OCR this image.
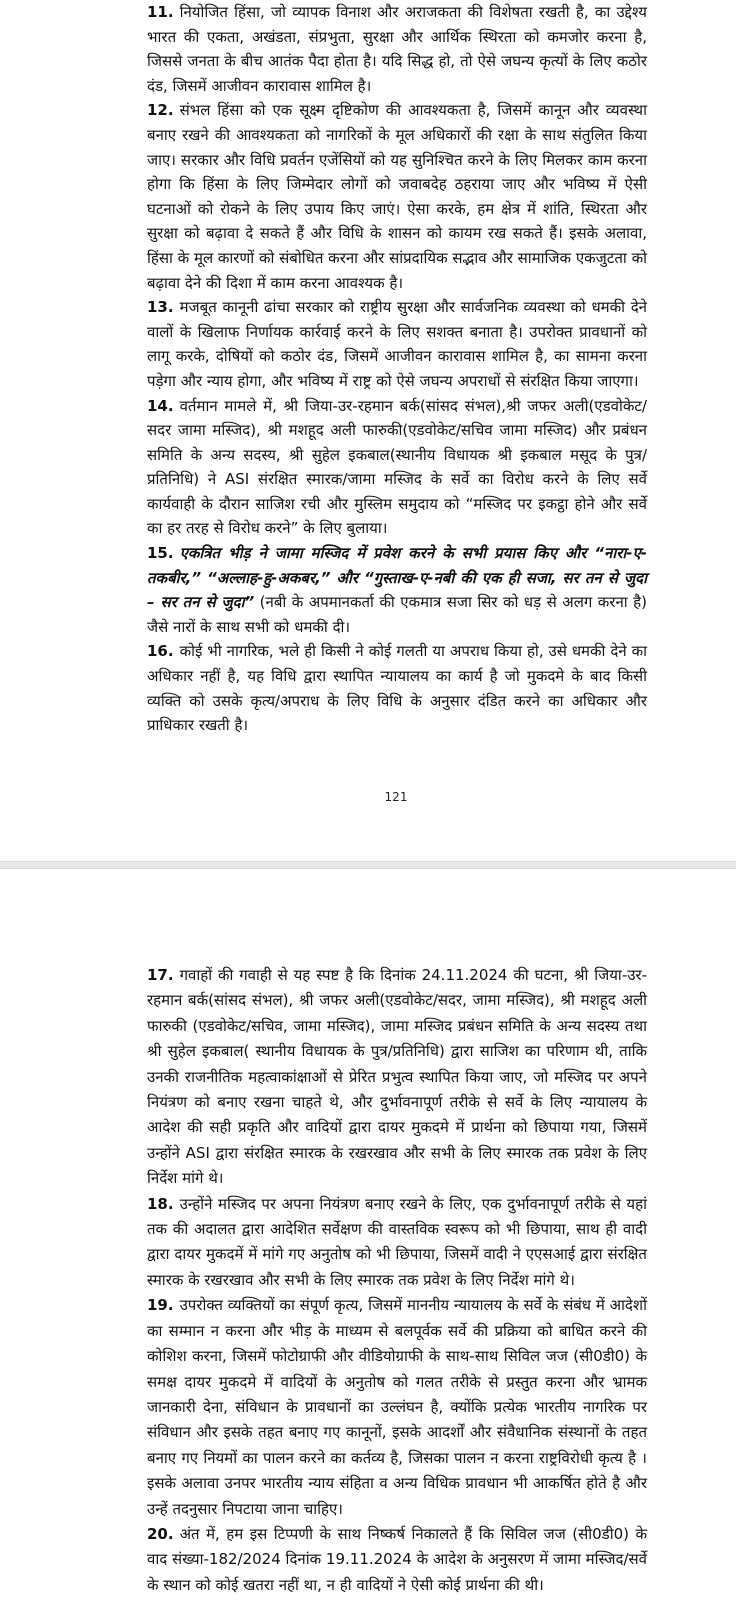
11. नियोजित हिंसा, जो व्यापक विनाश और अराजकता की विशेषता रखती है, का उद्देश्य भारत की एकता, अखंडता, संप्रभुता, सुरक्षा और आर्थिक स्थिरता को कमजोर करना है, जिससे जनता के बीच आतंक पैदा होता है। यदि सिद्ध हो, तो ऐसे जघन्य कृत्यों के लिए कठोर दंड, जिसमें आजीवन कारावास शामिल है।

12. संभल हिंसा को एक सूक्ष्म दृष्टिकोण की आवश्यकता है, जिसमें कानून और व्यवस्था बनाए रखने की आवश्यकता को नागरिकों के मूल अधिकारों की रक्षा के साथ संतुलित किया जाए। सरकार और विधि प्रवर्तन एजेंसियों को यह सुनिश्चित करने के लिए मिलकर काम करना होगा कि हिंसा के लिए जिम्मेदार लोगों को जवाबदेह ठहराया जाए और भविष्य में ऐसी घटनाओं को रोकने के लिए उपाय किए जाएं। ऐसा करके, हम क्षेत्र में शांति, स्थिरता और सुरक्षा को बढ़ावा दे सकते हैं और विधि के शासन को कायम रख सकते हैं। इसके अलावा, हिंसा के मूल कारणों को संबोधित करना और सांप्रदायिक सद्भाव और सामाजिक एकजुटता को बढ़ावा देने की दिशा में काम करना आवश्यक है।

13. मजबूत कानूनी ढांचा सरकार को राष्ट्रीय सुरक्षा और सार्वजनिक व्यवस्था को धमकी देने वालों के खिलाफ निर्णायक कार्रवाई करने के लिए सशक्त बनाता है। उपरोक्त प्रावधानों को लागू करके, दोषियों को कठोर दंड, जिसमें आजीवन कारावास शामिल है, का सामना करना पड़ेगा और न्याय होगा, और भविष्य में राष्ट्र को ऐसे जघन्य अपराधों से संरक्षित किया जाएगा।

14. वर्तमान मामले में, श्री जिया-उर-रहमान बर्क(सांसद संभल),श्री जफर अली(एडवोकेट/सदर जामा मस्जिद), श्री मशहूद अली फारुकी(एडवोकेट/सचिव जामा मस्जिद) और प्रबंधन समिति के अन्य सदस्य, श्री सुहेल इकबाल(स्थानीय विधायक श्री इकबाल मसूद के पुत्र/प्रतिनिधि) ने ASI संरक्षित स्मारक/जामा मस्जिद के सर्वे का विरोध करने के लिए सर्वे कार्यवाही के दौरान साजिश रची और मुस्लिम समुदाय को “मस्जिद पर इकट्ठा होने और सर्वे का हर तरह से विरोध करने” के लिए बुलाया।

15. एकत्रित भीड़ ने जामा मस्जिद में प्रवेश करने के सभी प्रयास किए और “नारा-ए-तकबीर,” “अल्लाह-हु-अकबर,” और “गुस्ताख-ए-नबी की एक ही सजा, सर तन से जुदा – सर तन से जुदा” (नबी के अपमानकर्ता की एकमात्र सजा सिर को धड़ से अलग करना है) जैसे नारों के साथ सभी को धमकी दी।

16. कोई भी नागरिक, भले ही किसी ने कोई गलती या अपराध किया हो, उसे धमकी देने का अधिकार नहीं है, यह विधि द्वारा स्थापित न्यायालय का कार्य है जो मुकदमे के बाद किसी व्यक्ति को उसके कृत्य/अपराध के लिए विधि के अनुसार दंडित करने का अधिकार और प्राधिकार रखती है।

121

17. गवाहों की गवाही से यह स्पष्ट है कि दिनांक 24.11.2024 की घटना, श्री जिया-उर-रहमान बर्क(सांसद संभल), श्री जफर अली(एडवोकेट/सदर, जामा मस्जिद), श्री मशहूद अली फारुकी (एडवोकेट/सचिव, जामा मस्जिद), जामा मस्जिद प्रबंधन समिति के अन्य सदस्य तथा श्री सुहेल इकबाल( स्थानीय विधायक के पुत्र/प्रतिनिधि) द्वारा साजिश का परिणाम थी, ताकि उनकी राजनीतिक महत्वाकांक्षाओं से प्रेरित प्रभुत्व स्थापित किया जाए, जो मस्जिद पर अपने नियंत्रण को बनाए रखना चाहते थे, और दुर्भावनापूर्ण तरीके से सर्वे के लिए न्यायालय के आदेश की सही प्रकृति और वादियों द्वारा दायर मुकदमे में प्रार्थना को छिपाया गया, जिसमें उन्होंने ASI द्वारा संरक्षित स्मारक के रखरखाव और सभी के लिए स्मारक तक प्रवेश के लिए निर्देश मांगे थे।

18. उन्होंने मस्जिद पर अपना नियंत्रण बनाए रखने के लिए, एक दुर्भावनापूर्ण तरीके से यहां तक की अदालत द्वारा आदेशित सर्वेक्षण की वास्तविक स्वरूप को भी छिपाया, साथ ही वादी द्वारा दायर मुकदमें में मांगे गए अनुतोष को भी छिपाया, जिसमें वादी ने एएसआई द्वारा संरक्षित स्मारक के रखरखाव और सभी के लिए स्मारक तक प्रवेश के लिए निर्देश मांगे थे।

19. उपरोक्त व्यक्तियों का संपूर्ण कृत्य, जिसमें माननीय न्यायालय के सर्वे के संबंध में आदेशों का सम्मान न करना और भीड़ के माध्यम से बलपूर्वक सर्वे की प्रक्रिया को बाधित करने की कोशिश करना, जिसमें फोटोग्राफी और वीडियोग्राफी के साथ-साथ सिविल जज (सी0डी0) के समक्ष दायर मुकदमे में वादियों के अनुतोष को गलत तरीके से प्रस्तुत करना और भ्रामक जानकारी देना, संविधान के प्रावधानों का उल्लंघन है, क्योंकि प्रत्येक भारतीय नागरिक पर संविधान और इसके तहत बनाए गए कानूनों, इसके आदर्शों और संवैधानिक संस्थानों के तहत बनाए गए नियमों का पालन करने का कर्तव्य है, जिसका पालन न करना राष्ट्रविरोधी कृत्य है । इसके अलावा उनपर भारतीय न्याय संहिता व अन्य विधिक प्रावधान भी आकर्षित होते है और उन्हें तदनुसार निपटाया जाना चाहिए।

20. अंत में, हम इस टिप्पणी के साथ निष्कर्ष निकालते हैं कि सिविल जज (सी0डी0) के वाद संख्या-182/2024 दिनांक 19.11.2024 के आदेश के अनुसरण में जामा मस्जिद/सर्वे के स्थान को कोई खतरा नहीं था, न ही वादियों ने ऐसी कोई प्रार्थना की थी।
